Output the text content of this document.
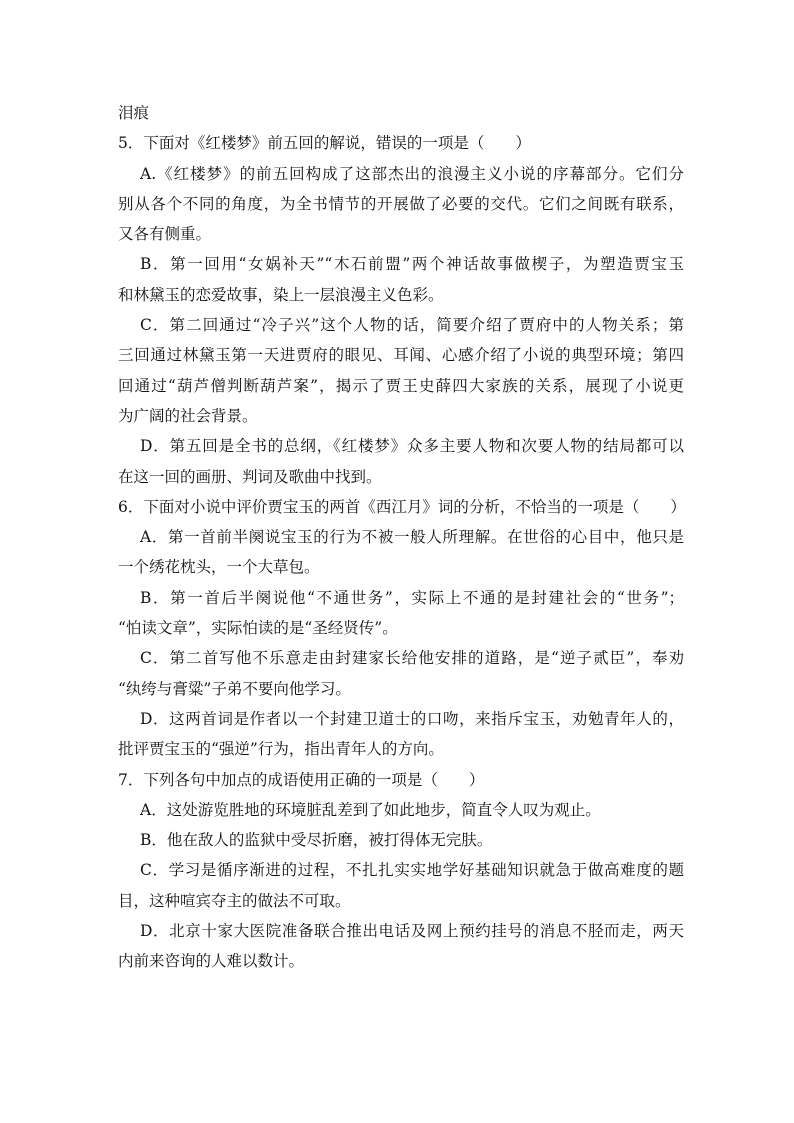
泪痕
5．下面对《红楼梦》前五回的解说，错误的一项是（　　）
A.《红楼梦》的前五回构成了这部杰出的浪漫主义小说的序幕部分。它们分
别从各个不同的角度，为全书情节的开展做了必要的交代。它们之间既有联系，
又各有侧重。
B．第一回用“女娲补天”“木石前盟”两个神话故事做楔子，为塑造贾宝玉
和林黛玉的恋爱故事，染上一层浪漫主义色彩。
C．第二回通过“冷子兴”这个人物的话，简要介绍了贾府中的人物关系；第
三回通过林黛玉第一天进贾府的眼见、耳闻、心感介绍了小说的典型环境；第四
回通过“葫芦僧判断葫芦案”，揭示了贾王史薛四大家族的关系，展现了小说更
为广阔的社会背景。
D．第五回是全书的总纲，《红楼梦》众多主要人物和次要人物的结局都可以
在这一回的画册、判词及歌曲中找到。
6．下面对小说中评价贾宝玉的两首《西江月》词的分析，不恰当的一项是（　　）
A．第一首前半阕说宝玉的行为不被一般人所理解。在世俗的心目中，他只是
一个绣花枕头，一个大草包。
B．第一首后半阕说他“不通世务”，实际上不通的是封建社会的“世务”；
“怕读文章”，实际怕读的是“圣经贤传”。
C．第二首写他不乐意走由封建家长给他安排的道路，是“逆子贰臣”，奉劝
“纨绔与膏粱”子弟不要向他学习。
D．这两首词是作者以一个封建卫道士的口吻，来指斥宝玉，劝勉青年人的，
批评贾宝玉的“强逆”行为，指出青年人的方向。
7．下列各句中加点的成语使用正确的一项是（　　）
A．这处游览胜地的环境脏乱差到了如此地步，简直令人叹为观止。
B．他在敌人的监狱中受尽折磨，被打得体无完肤。
C．学习是循序渐进的过程，不扎扎实实地学好基础知识就急于做高难度的题
目，这种喧宾夺主的做法不可取。
D．北京十家大医院准备联合推出电话及网上预约挂号的消息不胫而走，两天
内前来咨询的人难以数计。
